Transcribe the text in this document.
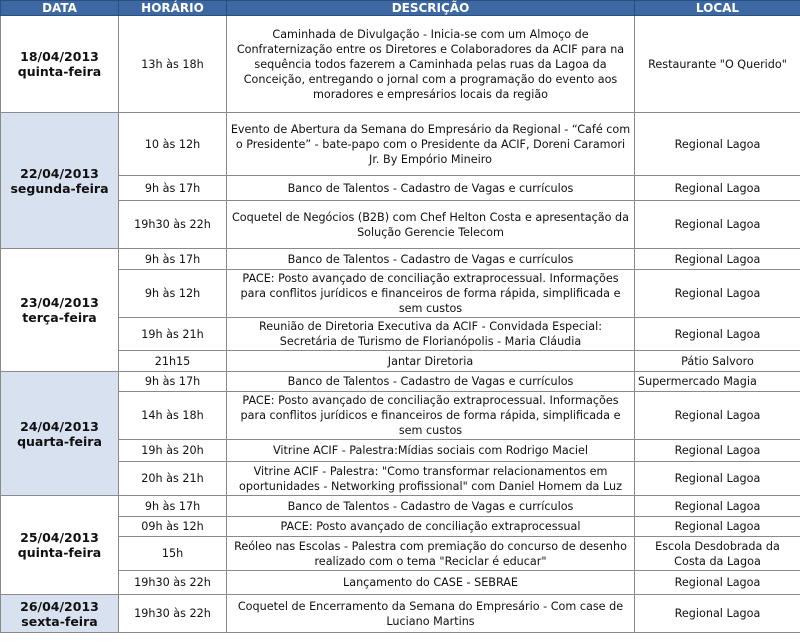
DATA	HORÁRIO	DESCRIÇÃO	LOCAL

18/04/2013
quinta-feira	13h às 18h	Caminhada de Divulgação - Inicia-se com um Almoço de Confraternização entre os Diretores e Colaboradores da ACIF para na sequência todos fazerem a Caminhada pelas ruas da Lagoa da Conceição, entregando o jornal com a programação do evento aos moradores e empresários locais da região	Restaurante "O Querido"

22/04/2013
segunda-feira	10 às 12h	Evento de Abertura da Semana do Empresário da Regional - “Café com o Presidente” - bate-papo com o Presidente da ACIF, Doreni Caramori Jr. By Empório Mineiro	Regional Lagoa
	9h às 17h	Banco de Talentos - Cadastro de Vagas e currículos	Regional Lagoa
	19h30 às 22h	Coquetel de Negócios (B2B) com Chef Helton Costa e apresentação da Solução Gerencie Telecom	Regional Lagoa

23/04/2013
terça-feira	9h às 17h	Banco de Talentos - Cadastro de Vagas e currículos	Regional Lagoa
	9h às 12h	PACE: Posto avançado de conciliação extraprocessual. Informações para conflitos jurídicos e financeiros de forma rápida, simplificada e sem custos	Regional Lagoa
	19h às 21h	Reunião de Diretoria Executiva da ACIF - Convidada Especial: Secretária de Turismo de Florianópolis - Maria Cláudia	Regional Lagoa
	21h15	Jantar Diretoria	Pátio Salvoro

24/04/2013
quarta-feira	9h às 17h	Banco de Talentos - Cadastro de Vagas e currículos	Supermercado Magia
	14h às 18h	PACE: Posto avançado de conciliação extraprocessual. Informações para conflitos jurídicos e financeiros de forma rápida, simplificada e sem custos	Regional Lagoa
	19h às 20h	Vitrine ACIF - Palestra:Mídias sociais com Rodrigo Maciel	Regional Lagoa
	20h às 21h	Vitrine ACIF - Palestra: "Como transformar relacionamentos em oportunidades - Networking profissional" com Daniel Homem da Luz	Regional Lagoa

25/04/2013
quinta-feira	9h às 17h	Banco de Talentos - Cadastro de Vagas e currículos	Regional Lagoa
	09h às 12h	PACE: Posto avançado de conciliação extraprocessual	Regional Lagoa
	15h	Reóleo nas Escolas - Palestra com premiação do concurso de desenho realizado com o tema "Reciclar é educar"	Escola Desdobrada da Costa da Lagoa
	19h30 às 22h	Lançamento do CASE - SEBRAE	Regional Lagoa

26/04/2013
sexta-feira	19h30 às 22h	Coquetel de Encerramento da Semana do Empresário - Com case de Luciano Martins	Regional Lagoa
